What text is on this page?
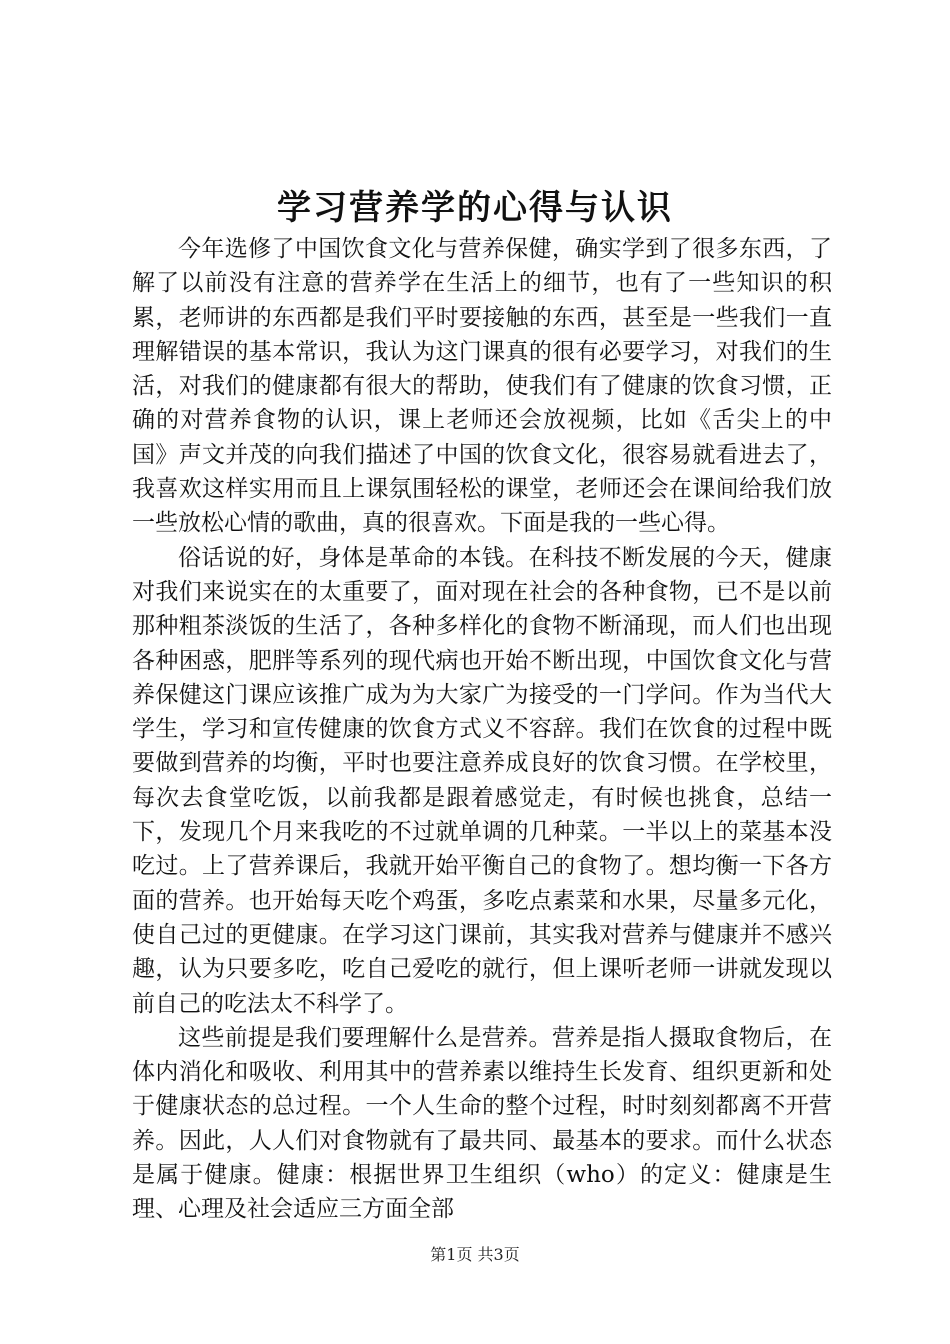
学习营养学的心得与认识

今年选修了中国饮食文化与营养保健，确实学到了很多东西，了解了以前没有注意的营养学在生活上的细节，也有了一些知识的积累，老师讲的东西都是我们平时要接触的东西，甚至是一些我们一直理解错误的基本常识，我认为这门课真的很有必要学习，对我们的生活，对我们的健康都有很大的帮助，使我们有了健康的饮食习惯，正确的对营养食物的认识，课上老师还会放视频，比如《舌尖上的中国》声文并茂的向我们描述了中国的饮食文化，很容易就看进去了，我喜欢这样实用而且上课氛围轻松的课堂，老师还会在课间给我们放一些放松心情的歌曲，真的很喜欢。下面是我的一些心得。

俗话说的好，身体是革命的本钱。在科技不断发展的今天，健康对我们来说实在的太重要了，面对现在社会的各种食物，已不是以前那种粗茶淡饭的生活了，各种多样化的食物不断涌现，而人们也出现各种困惑，肥胖等系列的现代病也开始不断出现，中国饮食文化与营养保健这门课应该推广成为为大家广为接受的一门学问。作为当代大学生，学习和宣传健康的饮食方式义不容辞。我们在饮食的过程中既要做到营养的均衡，平时也要注意养成良好的饮食习惯。在学校里，每次去食堂吃饭，以前我都是跟着感觉走，有时候也挑食，总结一下，发现几个月来我吃的不过就单调的几种菜。一半以上的菜基本没吃过。上了营养课后，我就开始平衡自己的食物了。想均衡一下各方面的营养。也开始每天吃个鸡蛋，多吃点素菜和水果，尽量多元化，使自己过的更健康。在学习这门课前，其实我对营养与健康并不感兴趣，认为只要多吃，吃自己爱吃的就行，但上课听老师一讲就发现以前自己的吃法太不科学了。

这些前提是我们要理解什么是营养。营养是指人摄取食物后，在体内消化和吸收、利用其中的营养素以维持生长发育、组织更新和处于健康状态的总过程。一个人生命的整个过程，时时刻刻都离不开营养。因此，人人们对食物就有了最共同、最基本的要求。而什么状态是属于健康。健康：根据世界卫生组织（who）的定义：健康是生理、心理及社会适应三方面全部

第1页 共3页
